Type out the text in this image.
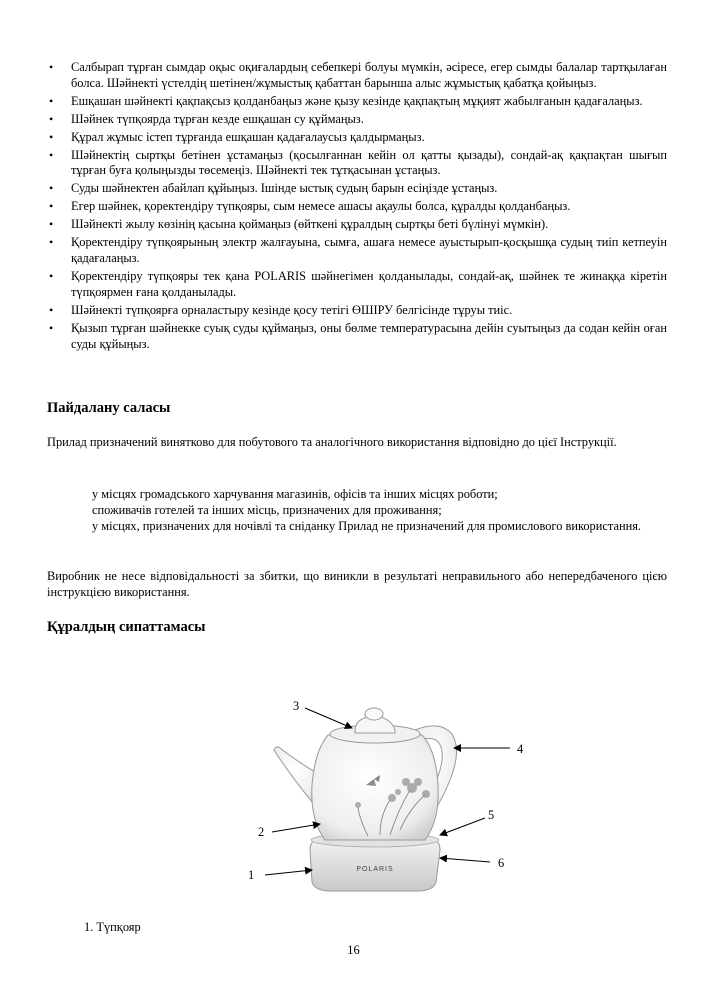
• Салбырап тұрған сымдар оқыс оқиғалардың себепкері болуы мүмкін, әсіресе, егер сымды балалар тартқылаған болса. Шәйнекті үстелдің шетінен/жұмыстық қабаттан барынша алыс жұмыстық қабатқа қойыңыз.
• Ешқашан шәйнекті қақпақсыз қолданбаңыз және қызу кезінде қақпақтың мұқият жабылғанын қадағалаңыз.
• Шәйнек түпқоярда тұрған кезде ешқашан су құймаңыз.
• Құрал жұмыс істеп тұрғанда ешқашан қадағалаусыз қалдырмаңыз.
• Шәйнектің сыртқы бетінен ұстамаңыз (қосылғаннан кейін ол қатты қызады), сондай-ақ қақпақтан шығып тұрған буға қолыңызды төсемеңіз. Шәйнекті тек тұтқасынан ұстаңыз.
• Суды шәйнектен абайлап құйыңыз. Ішінде ыстық судың барын есіңізде ұстаңыз.
• Егер шәйнек, қоректендіру түпқояры, сым немесе ашасы ақаулы болса, құралды қолданбаңыз.
• Шәйнекті жылу көзінің қасына қоймаңыз (өйткені құралдың сыртқы беті бүлінуі мүмкін).
• Қоректендіру түпқоярының электр жалғауына, сымға, ашаға немесе ауыстырып-қосқышқа судың тиіп кетпеуін қадағалаңыз.
• Қоректендіру түпқояры тек қана POLARIS шәйнегімен қолданылады, сондай-ақ, шәйнек те жинаққа кіретін түпқоярмен ғана қолданылады.
• Шәйнекті түпқоярға орналастыру кезінде қосу тетігі ӨШІРУ белгісінде тұруы тиіс.
• Қызып тұрған шәйнекке суық суды құймаңыз, оны бөлме температурасына дейін суытыңыз да содан кейін оған суды құйыңыз.
Пайдалану саласы

Прилад призначений винятково для побутового та аналогічного використання відповідно до цієї Інструкції.

у місцях громадського харчування магазинів, офісів та інших місцях роботи;
споживачів готелей та інших місць, призначених для проживання;
у місцях, призначених для ночівлі та сніданку Прилад не призначений для промислового використання.

Виробник не несе відповідальності за збитки, що виникли в результаті неправильного або непередбаченого цією інструкцією використання.

Құралдың сипаттамасы
POLARIS
3
4
2
5
6
1
1. Түпқояр
16
